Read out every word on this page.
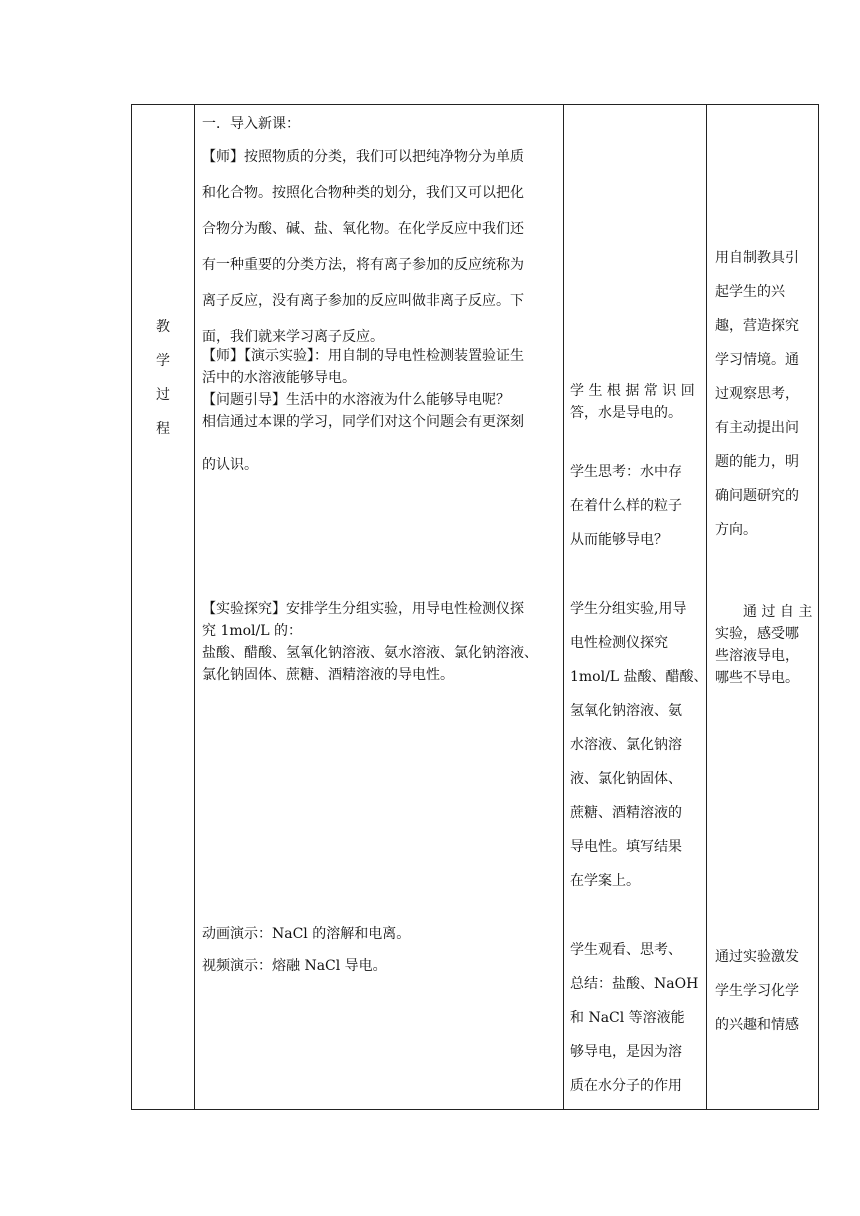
教
学
过
程
一．导入新课：
【师】按照物质的分类，我们可以把纯净物分为单质
和化合物。按照化合物种类的划分，我们又可以把化
合物分为酸、碱、盐、氧化物。在化学反应中我们还
有一种重要的分类方法，将有离子参加的反应统称为
离子反应，没有离子参加的反应叫做非离子反应。下
面，我们就来学习离子反应。
【师】【演示实验】：用自制的导电性检测装置验证生
活中的水溶液能够导电。
【问题引导】生活中的水溶液为什么能够导电呢？
相信通过本课的学习，同学们对这个问题会有更深刻
的认识。
【实验探究】安排学生分组实验，用导电性检测仪探
究 1mol/L 的：
盐酸、醋酸、氢氧化钠溶液、氨水溶液、氯化钠溶液、
氯化钠固体、蔗糖、酒精溶液的导电性。
动画演示：NaCl 的溶解和电离。
视频演示：熔融 NaCl 导电。
学 生 根 据 常 识 回
答，水是导电的。
学生思考：水中存
在着什么样的粒子
从而能够导电？
学生分组实验,用导
电性检测仪探究
1mol/L 盐酸、醋酸、
氢氧化钠溶液、氨
水溶液、氯化钠溶
液、氯化钠固体、
蔗糖、酒精溶液的
导电性。填写结果
在学案上。
学生观看、思考、
总结：盐酸、NaOH
和 NaCl 等溶液能
够导电，是因为溶
质在水分子的作用
用自制教具引
起学生的兴
趣，营造探究
学习情境。通
过观察思考，
有主动提出问
题的能力，明
确问题研究的
方向。
通 过 自 主
实验，感受哪
些溶液导电，
哪些不导电。
通过实验激发
学生学习化学
的兴趣和情感
